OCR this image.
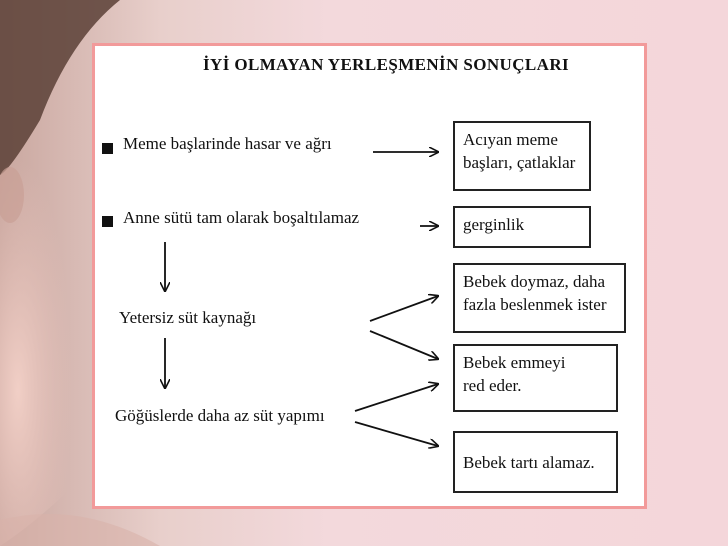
İYİ OLMAYAN YERLEŞMENİN SONUÇLARI
Meme başlarinde hasar ve ağrı
Anne sütü tam olarak boşaltılamaz
Yetersiz süt kaynağı
Göğüslerde daha az süt yapımı
Acıyan meme
başları, çatlaklar
gerginlik
Bebek doymaz, daha
fazla beslenmek ister
Bebek emmeyi
red eder.
Bebek tartı alamaz.
